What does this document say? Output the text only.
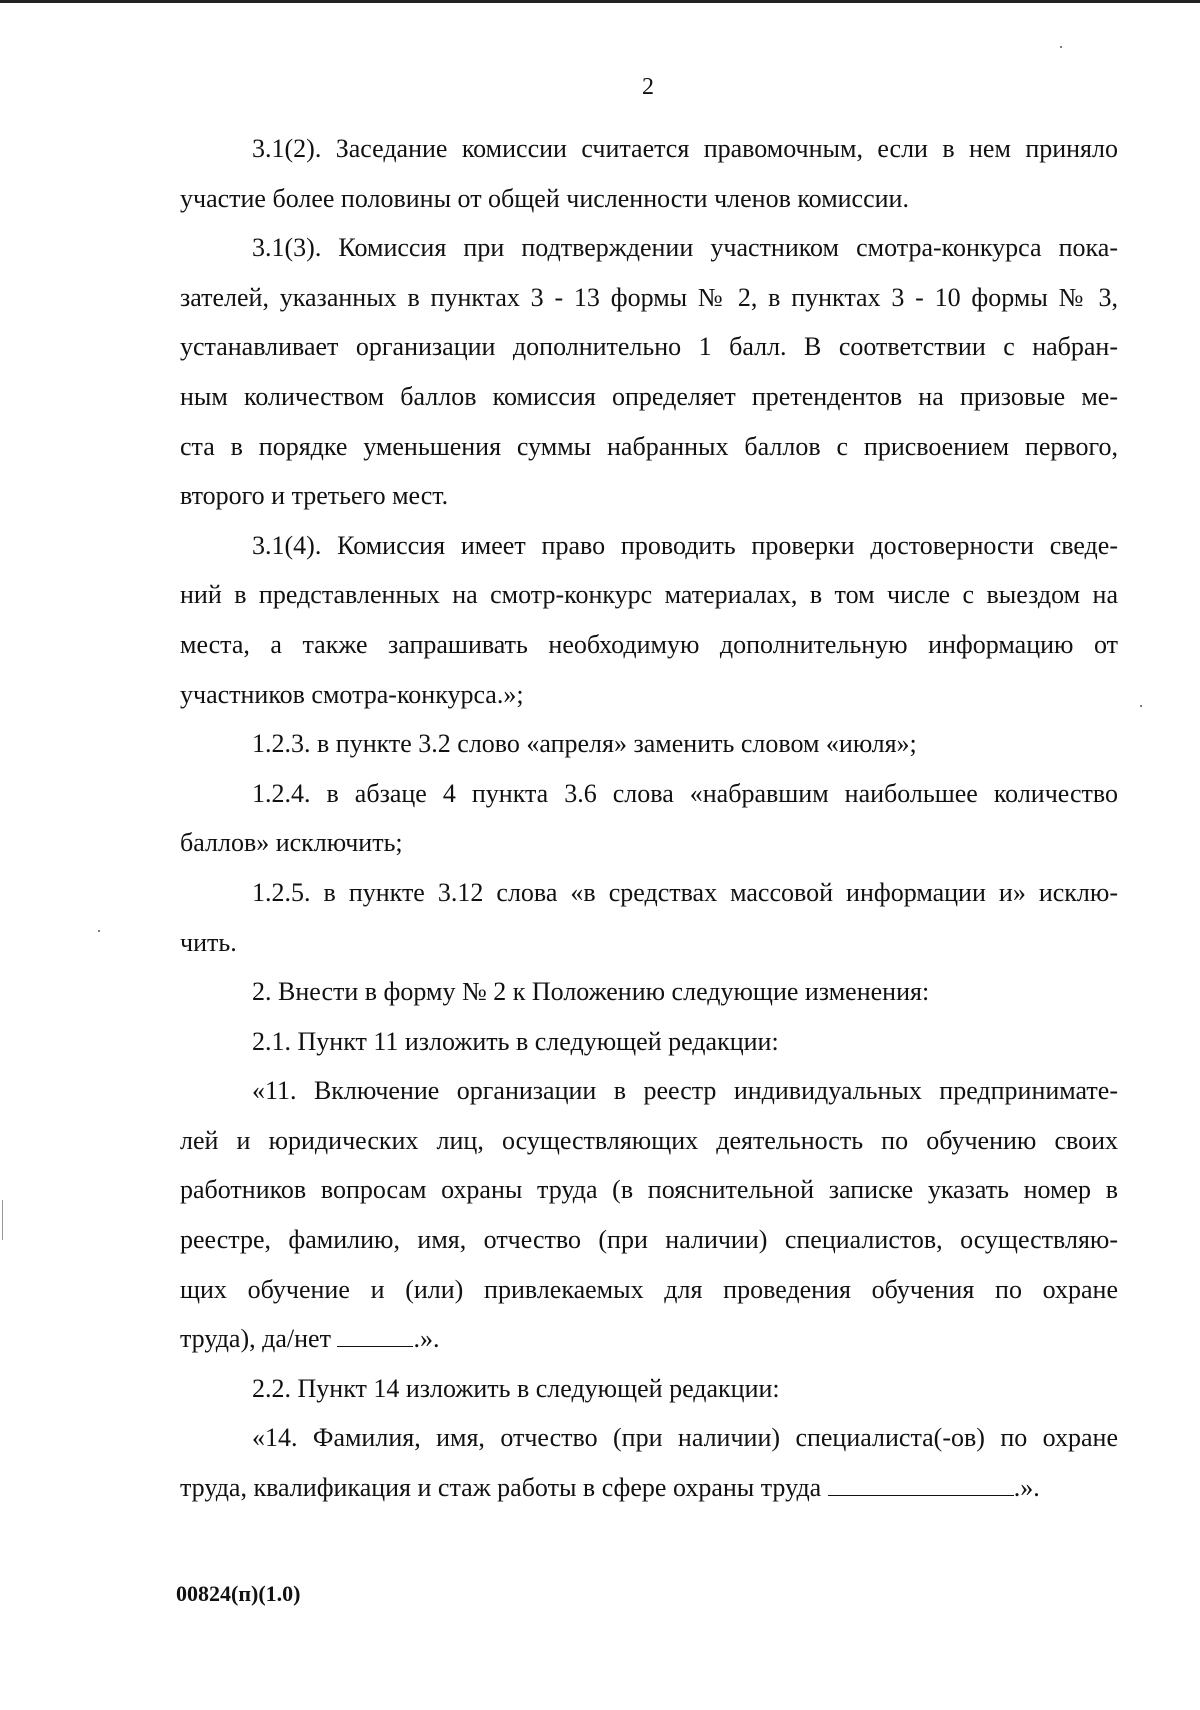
2
3.1(2). Заседание комиссии считается правомочным, если в нем приняло
участие более половины от общей численности членов комиссии.
3.1(3). Комиссия при подтверждении участником смотра-конкурса пока-
зателей, указанных в пунктах 3 - 13 формы № 2, в пунктах 3 - 10 формы № 3,
устанавливает организации дополнительно 1 балл. В соответствии с набран-
ным количеством баллов комиссия определяет претендентов на призовые ме-
ста в порядке уменьшения суммы набранных баллов с присвоением первого,
второго и третьего мест.
3.1(4). Комиссия имеет право проводить проверки достоверности сведе-
ний в представленных на смотр-конкурс материалах, в том числе с выездом на
места, а также запрашивать необходимую дополнительную информацию от
участников смотра-конкурса.»;
1.2.3. в пункте 3.2 слово «апреля» заменить словом «июля»;
1.2.4. в абзаце 4 пункта 3.6 слова «набравшим наибольшее количество
баллов» исключить;
1.2.5. в пункте 3.12 слова «в средствах массовой информации и» исклю-
чить.
2. Внести в форму № 2 к Положению следующие изменения:
2.1. Пункт 11 изложить в следующей редакции:
«11. Включение организации в реестр индивидуальных предпринимате-
лей и юридических лиц, осуществляющих деятельность по обучению своих
работников вопросам охраны труда (в пояснительной записке указать номер в
реестре, фамилию, имя, отчество (при наличии) специалистов, осуществляю-
щих обучение и (или) привлекаемых для проведения обучения по охране
труда), да/нет	.».
2.2. Пункт 14 изложить в следующей редакции:
«14. Фамилия, имя, отчество (при наличии) специалиста(-ов) по охране
труда, квалификация и стаж работы в сфере охраны труда	.».
00824(п)(1.0)
